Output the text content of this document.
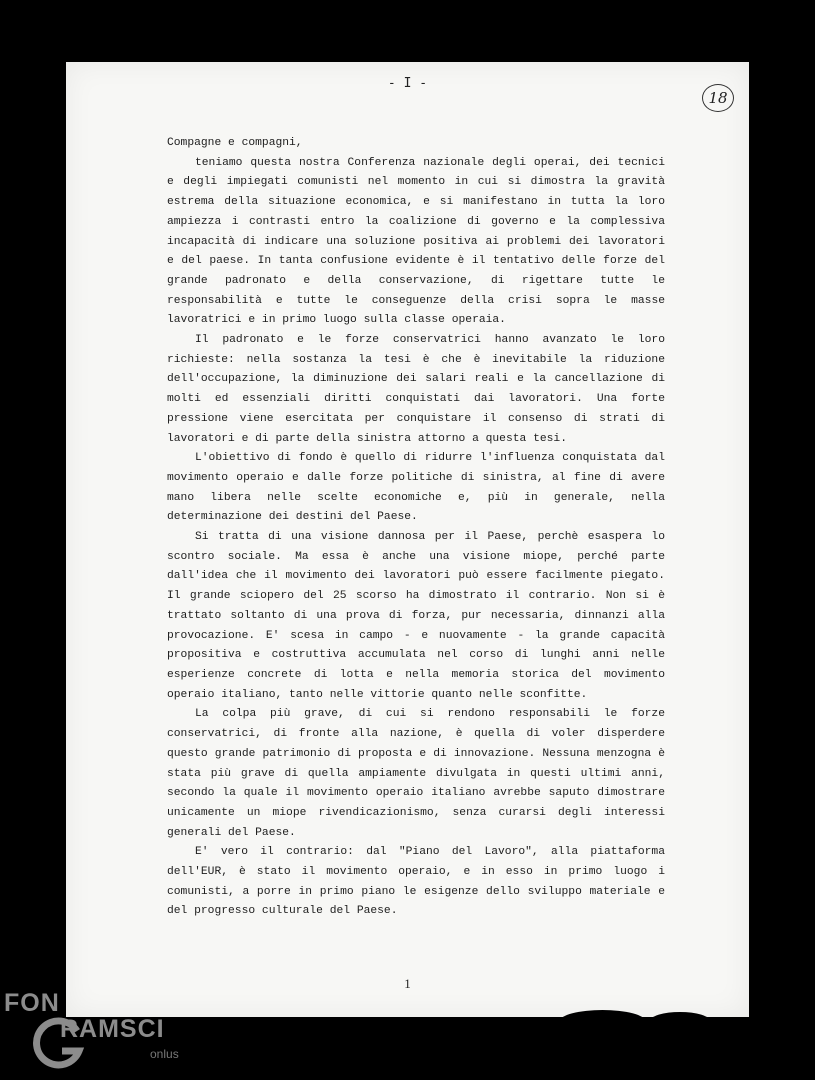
- I -
18

Compagne e compagni,

teniamo questa nostra Conferenza nazionale degli operai, dei tecnici e degli impiegati comunisti nel momento in cui si dimostra la gravità estrema della situazione economica, e si manifestano in tutta la loro ampiezza i contrasti entro la coalizione di governo e la complessiva incapacità di indicare una soluzione positiva ai problemi dei lavoratori e del paese. In tanta confusione evidente è il tentativo delle forze del grande padronato e della conservazione, di rigettare tutte le responsabilità e tutte le conseguenze della crisi sopra le masse lavoratrici e in primo luogo sulla classe operaia.

Il padronato e le forze conservatrici hanno avanzato le loro richieste: nella sostanza la tesi è che è inevitabile la riduzione dell'occupazione, la diminuzione dei salari reali e la cancellazione di molti ed essenziali diritti conquistati dai lavoratori. Una forte pressione viene esercitata per conquistare il consenso di strati di lavoratori e di parte della sinistra attorno a questa tesi.

L'obiettivo di fondo è quello di ridurre l'influenza conquistata dal movimento operaio e dalle forze politiche di sinistra, al fine di avere mano libera nelle scelte economiche e, più in generale, nella determinazione dei destini del Paese.

Si tratta di una visione dannosa per il Paese, perchè esaspera lo scontro sociale. Ma essa è anche una visione miope, perché parte dall'idea che il movimento dei lavoratori può essere facilmente piegato. Il grande sciopero del 25 scorso ha dimostrato il contrario. Non si è trattato soltanto di una prova di forza, pur necessaria, dinnanzi alla provocazione. E' scesa in campo - e nuovamente - la grande capacità propositiva e costruttiva accumulata nel corso di lunghi anni nelle esperienze concrete di lotta e nella memoria storica del movimento operaio italiano, tanto nelle vittorie quanto nelle sconfitte.

La colpa più grave, di cui si rendono responsabili le forze conservatrici, di fronte alla nazione, è quella di voler disperdere questo grande patrimonio di proposta e di innovazione. Nessuna menzogna è stata più grave di quella ampiamente divulgata in questi ultimi anni, secondo la quale il movimento operaio italiano avrebbe saputo dimostrare unicamente un miope rivendicazionismo, senza curarsi degli interessi generali del Paese.

E' vero il contrario: dal "Piano del Lavoro", alla piattaforma dell'EUR, è stato il movimento operaio, e in esso in primo luogo i comunisti, a porre in primo piano le esigenze dello sviluppo materiale e del progresso culturale del Paese.

1
FON
RAMSCI
onlus
